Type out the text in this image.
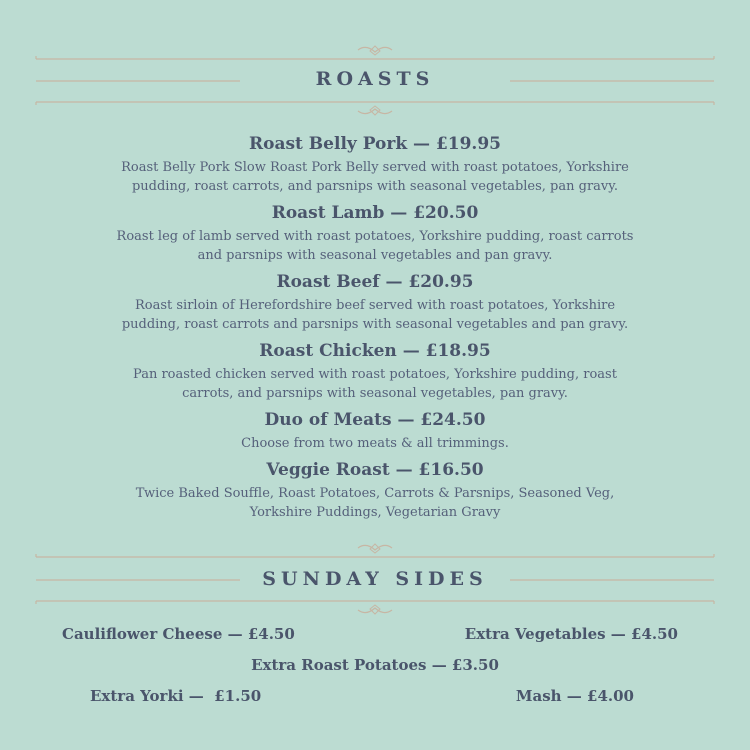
ROASTS

Roast Belly Pork — £19.95

Roast Belly Pork Slow Roast Pork Belly served with roast potatoes, Yorkshire
pudding, roast carrots, and parsnips with seasonal vegetables, pan gravy.

Roast Lamb — £20.50

Roast leg of lamb served with roast potatoes, Yorkshire pudding, roast carrots
and parsnips with seasonal vegetables and pan gravy.

Roast Beef — £20.95

Roast sirloin of Herefordshire beef served with roast potatoes, Yorkshire
pudding, roast carrots and parsnips with seasonal vegetables and pan gravy.

Roast Chicken — £18.95

Pan roasted chicken served with roast potatoes, Yorkshire pudding, roast
carrots, and parsnips with seasonal vegetables, pan gravy.

Duo of Meats — £24.50

Choose from two meats & all trimmings.

Veggie Roast — £16.50

Twice Baked Souffle, Roast Potatoes, Carrots & Parsnips, Seasoned Veg,
Yorkshire Puddings, Vegetarian Gravy

SUNDAY SIDES
Cauliflower Cheese — £4.50	Extra Vegetables — £4.50
Extra Roast Potatoes — £3.50
Extra Yorki —  £1.50	Mash — £4.00
